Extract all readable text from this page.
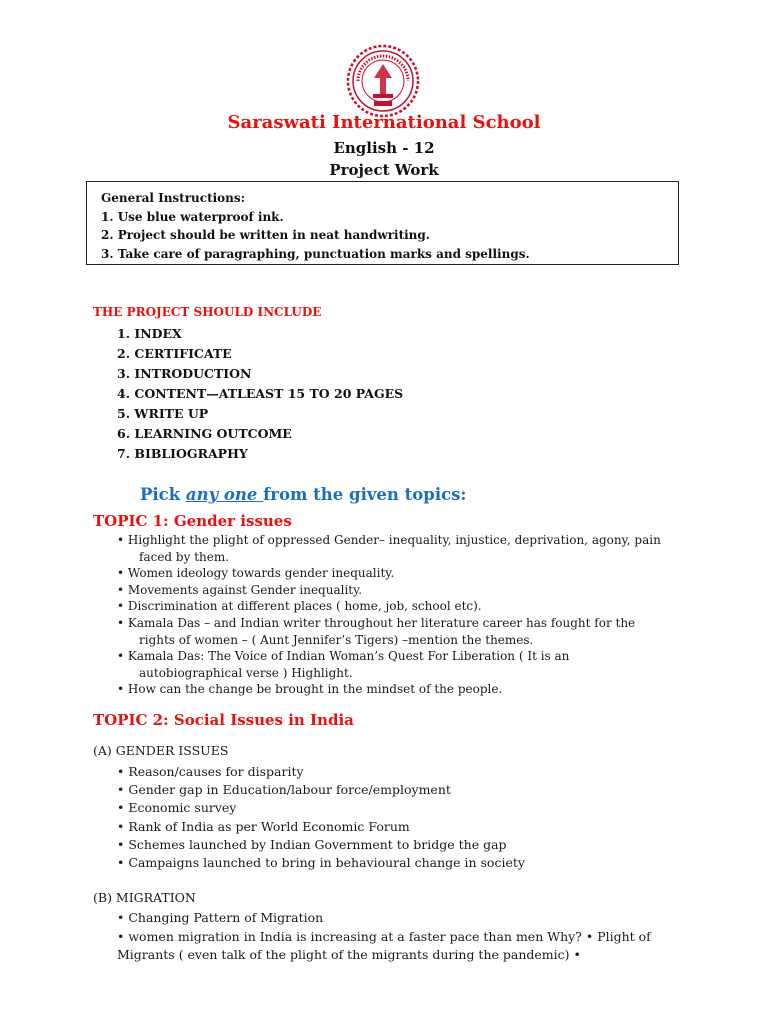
Saraswati International School
English - 12
Project Work
General Instructions:
1. Use blue waterproof ink.
2. Project should be written in neat handwriting.
3. Take care of paragraphing, punctuation marks and spellings.
THE PROJECT SHOULD INCLUDE
1. INDEX
2. CERTIFICATE
3. INTRODUCTION
4. CONTENT—ATLEAST 15 TO 20 PAGES
5. WRITE UP
6. LEARNING OUTCOME
7. BIBLIOGRAPHY
Pick any one from the given topics:
TOPIC 1: Gender issues
• Highlight the plight of oppressed Gender– inequality, injustice, deprivation, agony, pain
faced by them.
• Women ideology towards gender inequality.
• Movements against Gender inequality.
• Discrimination at different places ( home, job, school etc).
• Kamala Das – and Indian writer throughout her literature career has fought for the
rights of women – ( Aunt Jennifer’s Tigers) –mention the themes.
• Kamala Das: The Voice of Indian Woman’s Quest For Liberation ( It is an
autobiographical verse ) Highlight.
• How can the change be brought in the mindset of the people.
TOPIC 2: Social Issues in India
(A) GENDER ISSUES
• Reason/causes for disparity
• Gender gap in Education/labour force/employment
• Economic survey
• Rank of India as per World Economic Forum
• Schemes launched by Indian Government to bridge the gap
• Campaigns launched to bring in behavioural change in society
(B) MIGRATION
• Changing Pattern of Migration
• women migration in India is increasing at a faster pace than men Why? • Plight of
Migrants ( even talk of the plight of the migrants during the pandemic) •
